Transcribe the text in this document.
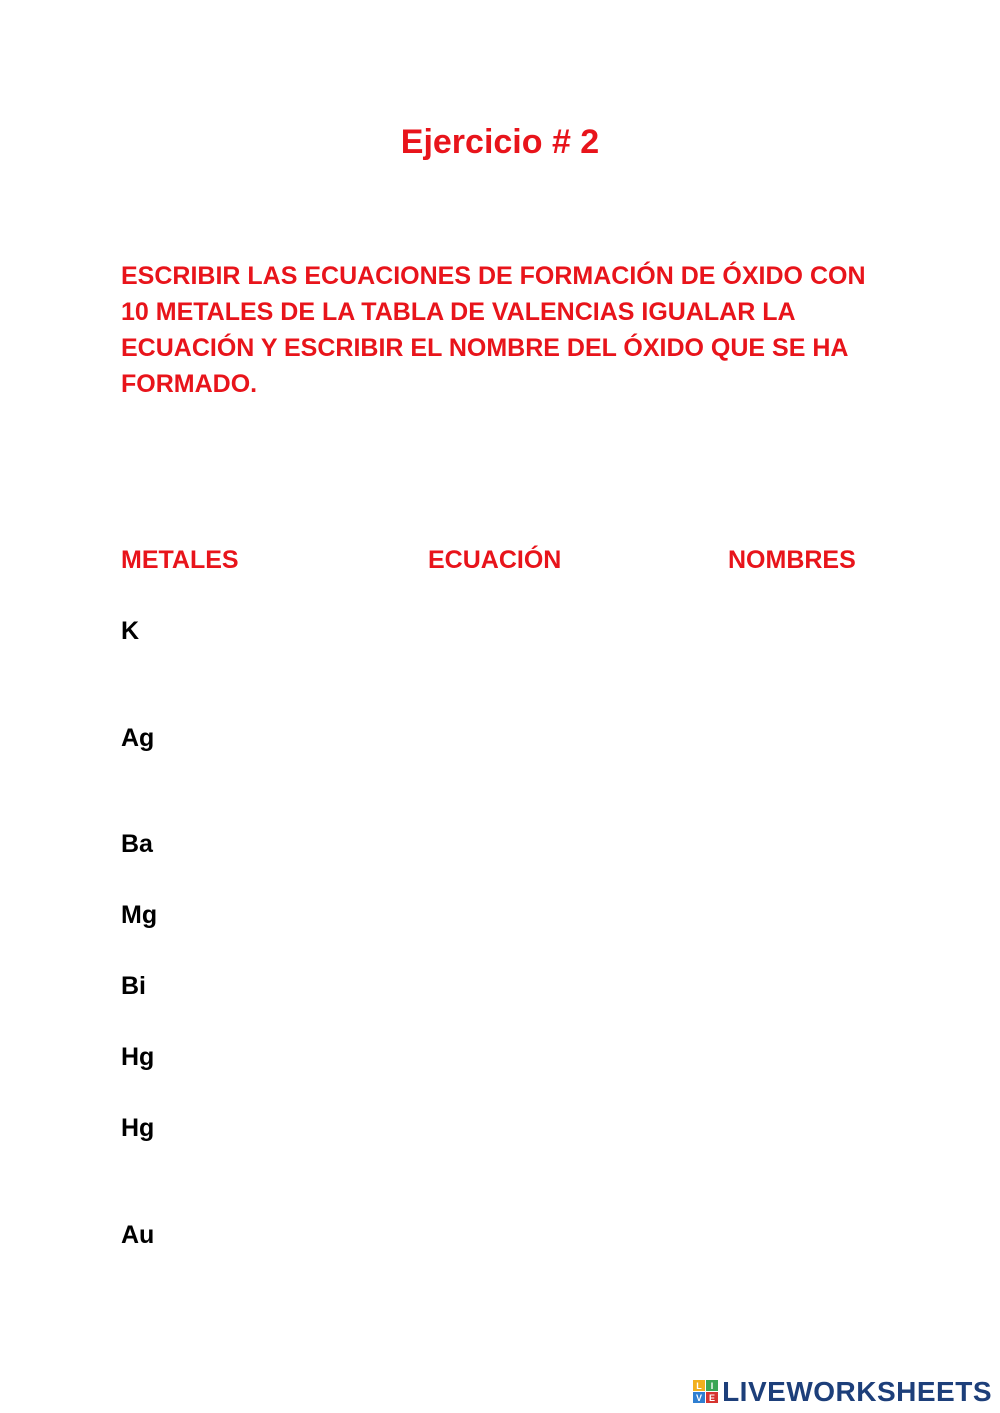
Ejercicio # 2
ESCRIBIR LAS ECUACIONES DE FORMACIÓN DE ÓXIDO CON 10 METALES DE LA TABLA DE VALENCIAS IGUALAR LA ECUACIÓN Y ESCRIBIR EL NOMBRE DEL ÓXIDO QUE SE HA FORMADO.
METALES	ECUACIÓN	NOMBRES
K
Ag
Ba
Mg
Bi
Hg
Hg
Au
L I
V E LIVEWORKSHEETS
